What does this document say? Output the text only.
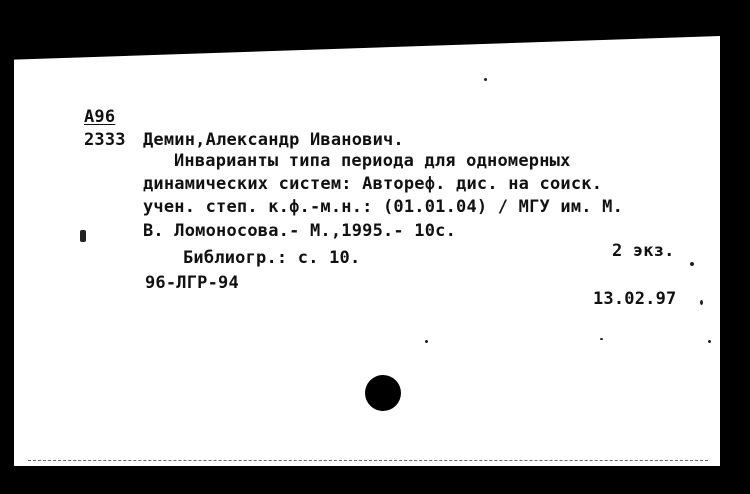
А96
2333 Демин,Александр Иванович.
Инварианты типа периода для одномерных
динамических систем: Автореф. дис. на соиск.
учен. степ. к.ф.-м.н.: (01.01.04) / МГУ им. М.
В. Ломоносова.- М.,1995.- 10с.
2 экз.
Библиогр.: с. 10.
96-ЛГР-94
13.02.97
